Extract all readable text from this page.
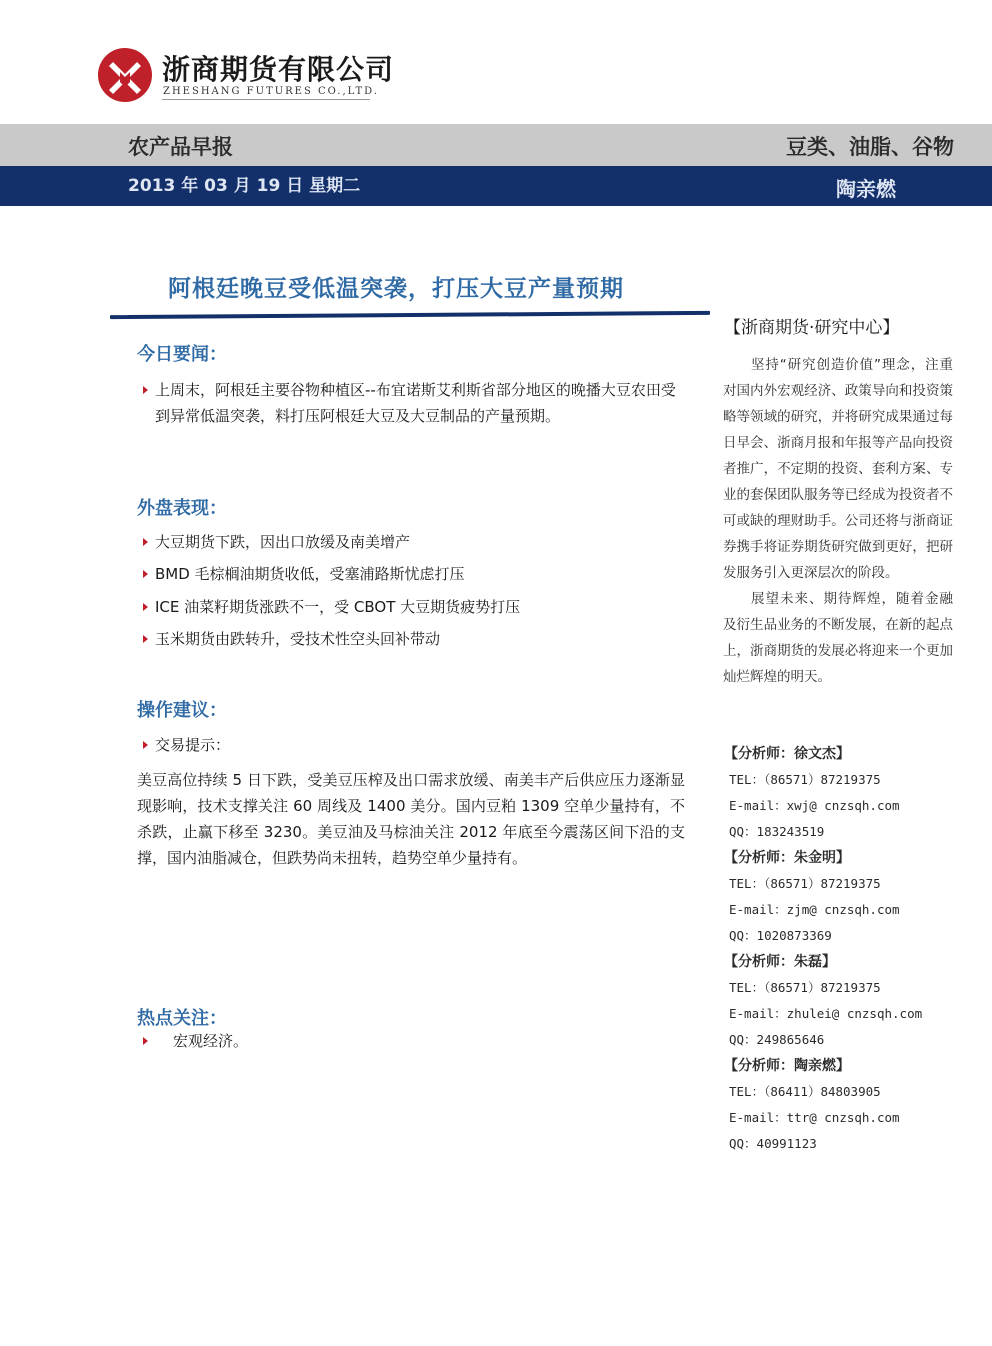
浙商期货有限公司
ZHESHANG FUTURES CO.,LTD.
农产品早报	豆类、油脂、谷物
2013 年 03 月 19 日 星期二	陶亲燃
阿根廷晚豆受低温突袭，打压大豆产量预期
今日要闻：
上周末，阿根廷主要谷物种植区--布宜诺斯艾利斯省部分地区的晚播大豆农田受到异常低温突袭，料打压阿根廷大豆及大豆制品的产量预期。
外盘表现：
大豆期货下跌，因出口放缓及南美增产
BMD 毛棕榈油期货收低，受塞浦路斯忧虑打压
ICE 油菜籽期货涨跌不一，受 CBOT 大豆期货疲势打压
玉米期货由跌转升，受技术性空头回补带动
操作建议：
交易提示：
美豆高位持续 5 日下跌，受美豆压榨及出口需求放缓、南美丰产后供应压力逐渐显现影响，技术支撑关注 60 周线及 1400 美分。国内豆粕 1309 空单少量持有，不杀跌，止赢下移至 3230。美豆油及马棕油关注 2012 年底至今震荡区间下沿的支撑，国内油脂减仓，但跌势尚未扭转，趋势空单少量持有。
热点关注：
宏观经济。
【浙商期货·研究中心】

坚持“研究创造价值”理念，注重对国内外宏观经济、政策导向和投资策略等领域的研究，并将研究成果通过每日早会、浙商月报和年报等产品向投资者推广，不定期的投资、套利方案、专业的套保团队服务等已经成为投资者不可或缺的理财助手。公司还将与浙商证券携手将证券期货研究做到更好，把研发服务引入更深层次的阶段。

展望未来、期待辉煌，随着金融及衍生品业务的不断发展，在新的起点上，浙商期货的发展必将迎来一个更加灿烂辉煌的明天。

【分析师：徐文杰】
TEL：（86571）87219375
E-mail：xwj@ cnzsqh.com
QQ：183243519
【分析师：朱金明】
TEL：（86571）87219375
E-mail：zjm@ cnzsqh.com
QQ：1020873369
【分析师：朱磊】
TEL：（86571）87219375
E-mail：zhulei@ cnzsqh.com
QQ：249865646
【分析师：陶亲燃】
TEL：（86411）84803905
E-mail：ttr@ cnzsqh.com
QQ：40991123
